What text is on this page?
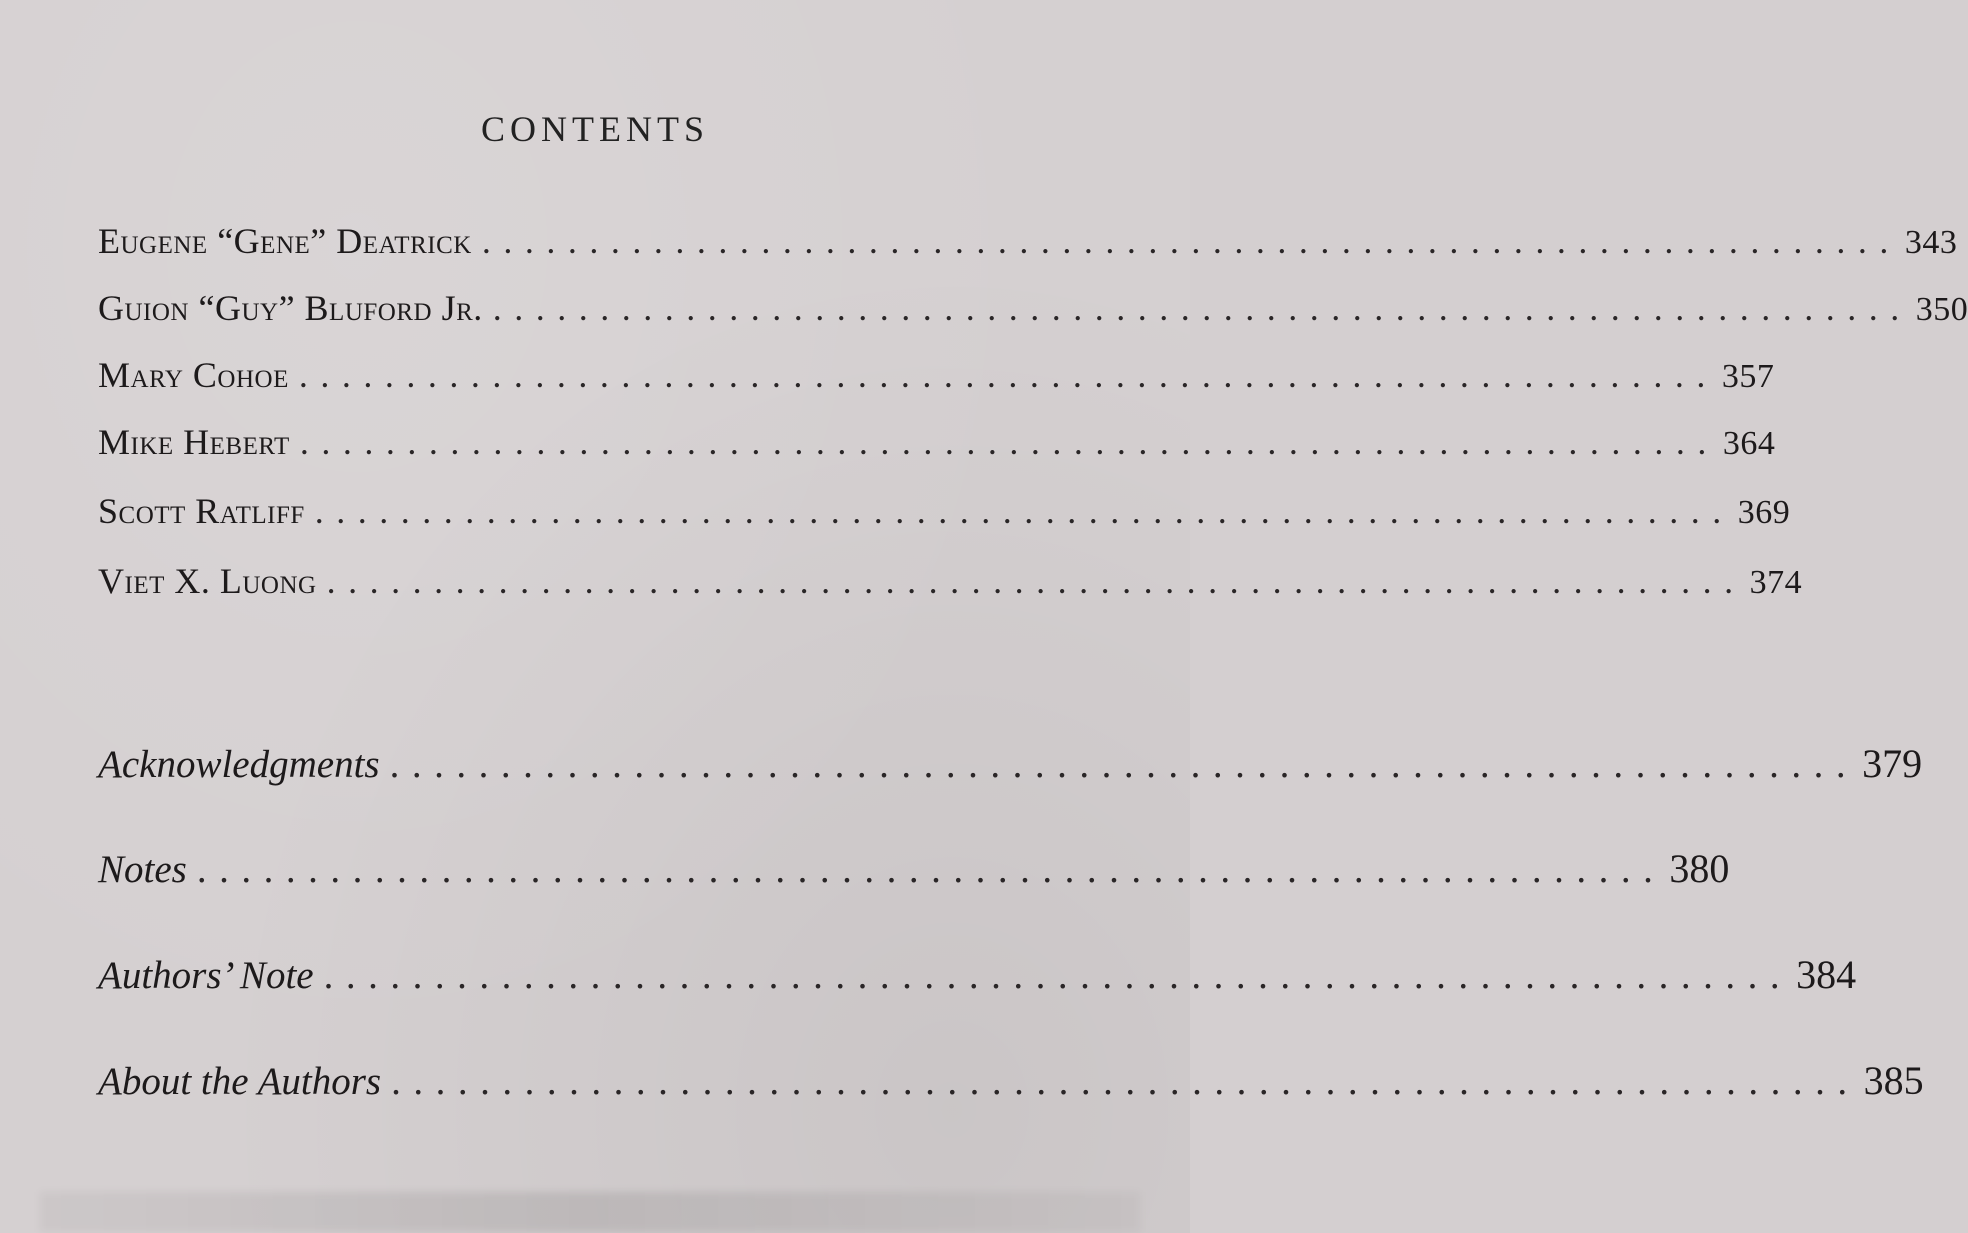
CONTENTS
Eugene “Gene” Deatrick .................................................................. 343
Guion “Guy” Bluford Jr. .................................................................. 350
Mary Cohoe .................................................................. 357
Mike Hebert .................................................................. 364
Scott Ratliff .................................................................. 369
Viet X. Luong .................................................................. 374
Acknowledgments .................................................................. 379
Notes .................................................................. 380
Authors’ Note .................................................................. 384
About the Authors .................................................................. 385
